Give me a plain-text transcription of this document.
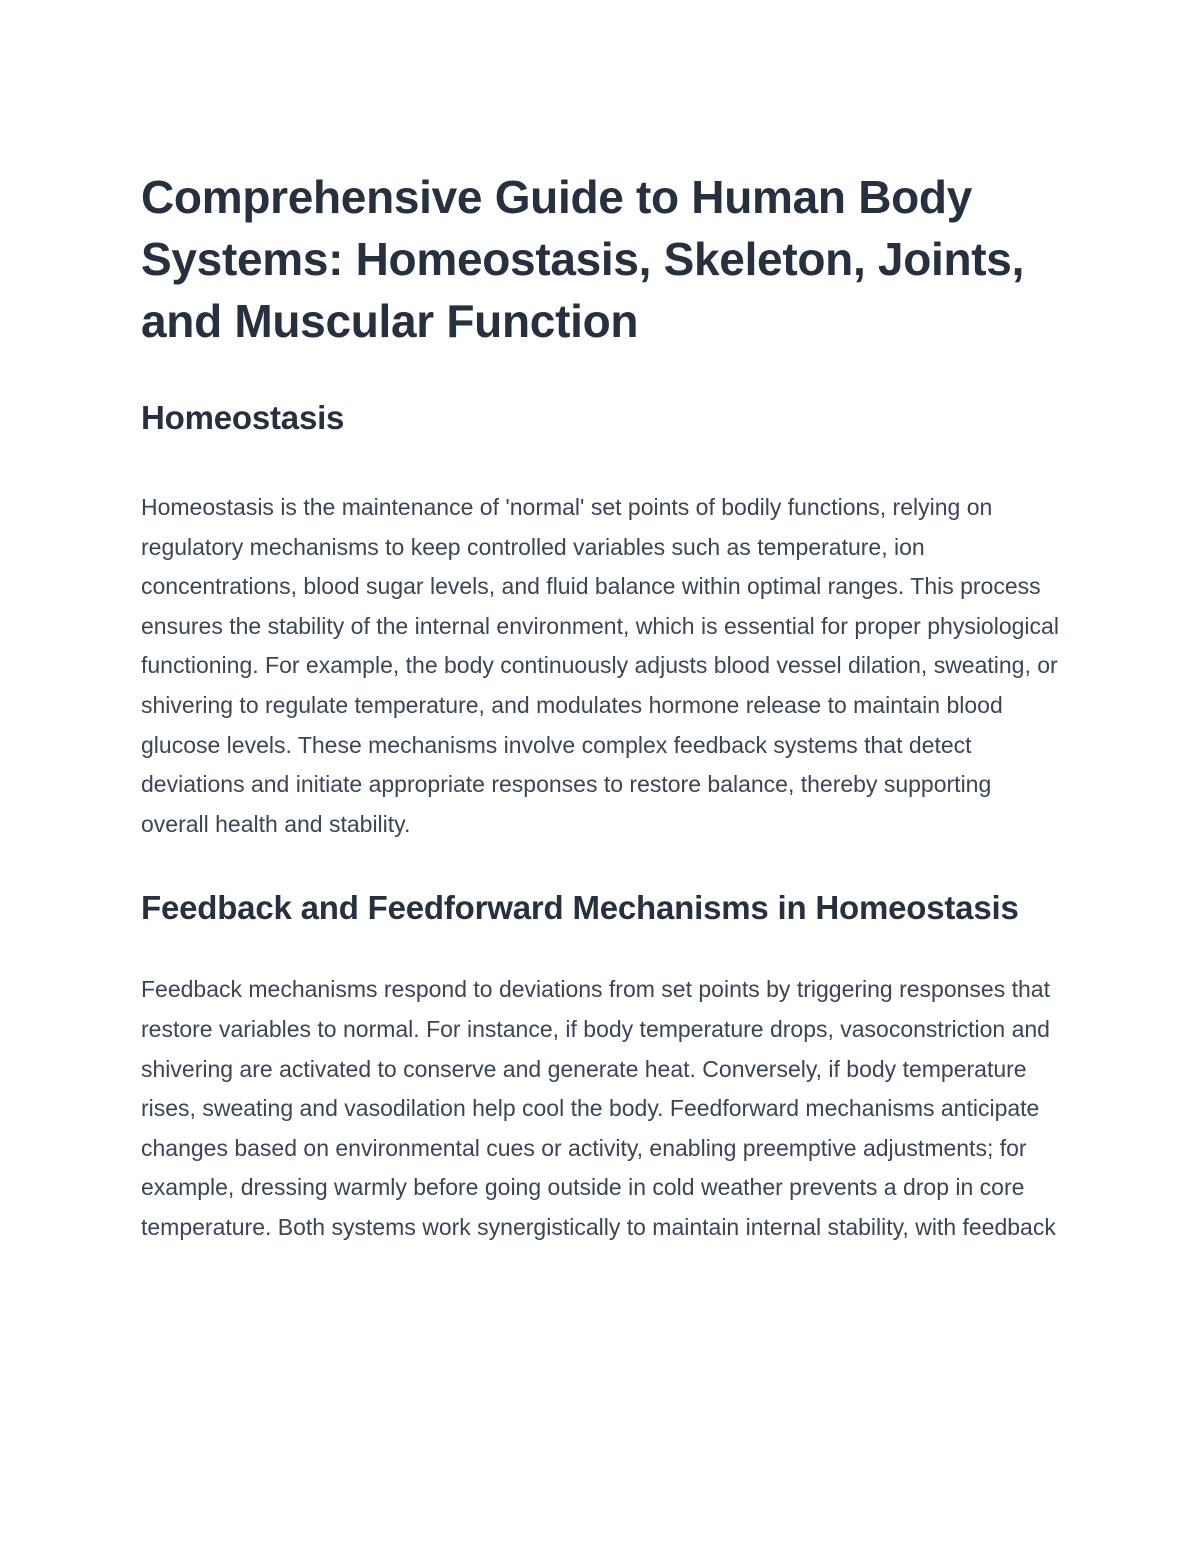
Comprehensive Guide to Human Body Systems: Homeostasis, Skeleton, Joints, and Muscular Function
Homeostasis

Homeostasis is the maintenance of 'normal' set points of bodily functions, relying on regulatory mechanisms to keep controlled variables such as temperature, ion concentrations, blood sugar levels, and fluid balance within optimal ranges. This process ensures the stability of the internal environment, which is essential for proper physiological functioning. For example, the body continuously adjusts blood vessel dilation, sweating, or shivering to regulate temperature, and modulates hormone release to maintain blood glucose levels. These mechanisms involve complex feedback systems that detect deviations and initiate appropriate responses to restore balance, thereby supporting overall health and stability.

Feedback and Feedforward Mechanisms in Homeostasis

Feedback mechanisms respond to deviations from set points by triggering responses that restore variables to normal. For instance, if body temperature drops, vasoconstriction and shivering are activated to conserve and generate heat. Conversely, if body temperature rises, sweating and vasodilation help cool the body. Feedforward mechanisms anticipate changes based on environmental cues or activity, enabling preemptive adjustments; for example, dressing warmly before going outside in cold weather prevents a drop in core temperature. Both systems work synergistically to maintain internal stability, with feedback
